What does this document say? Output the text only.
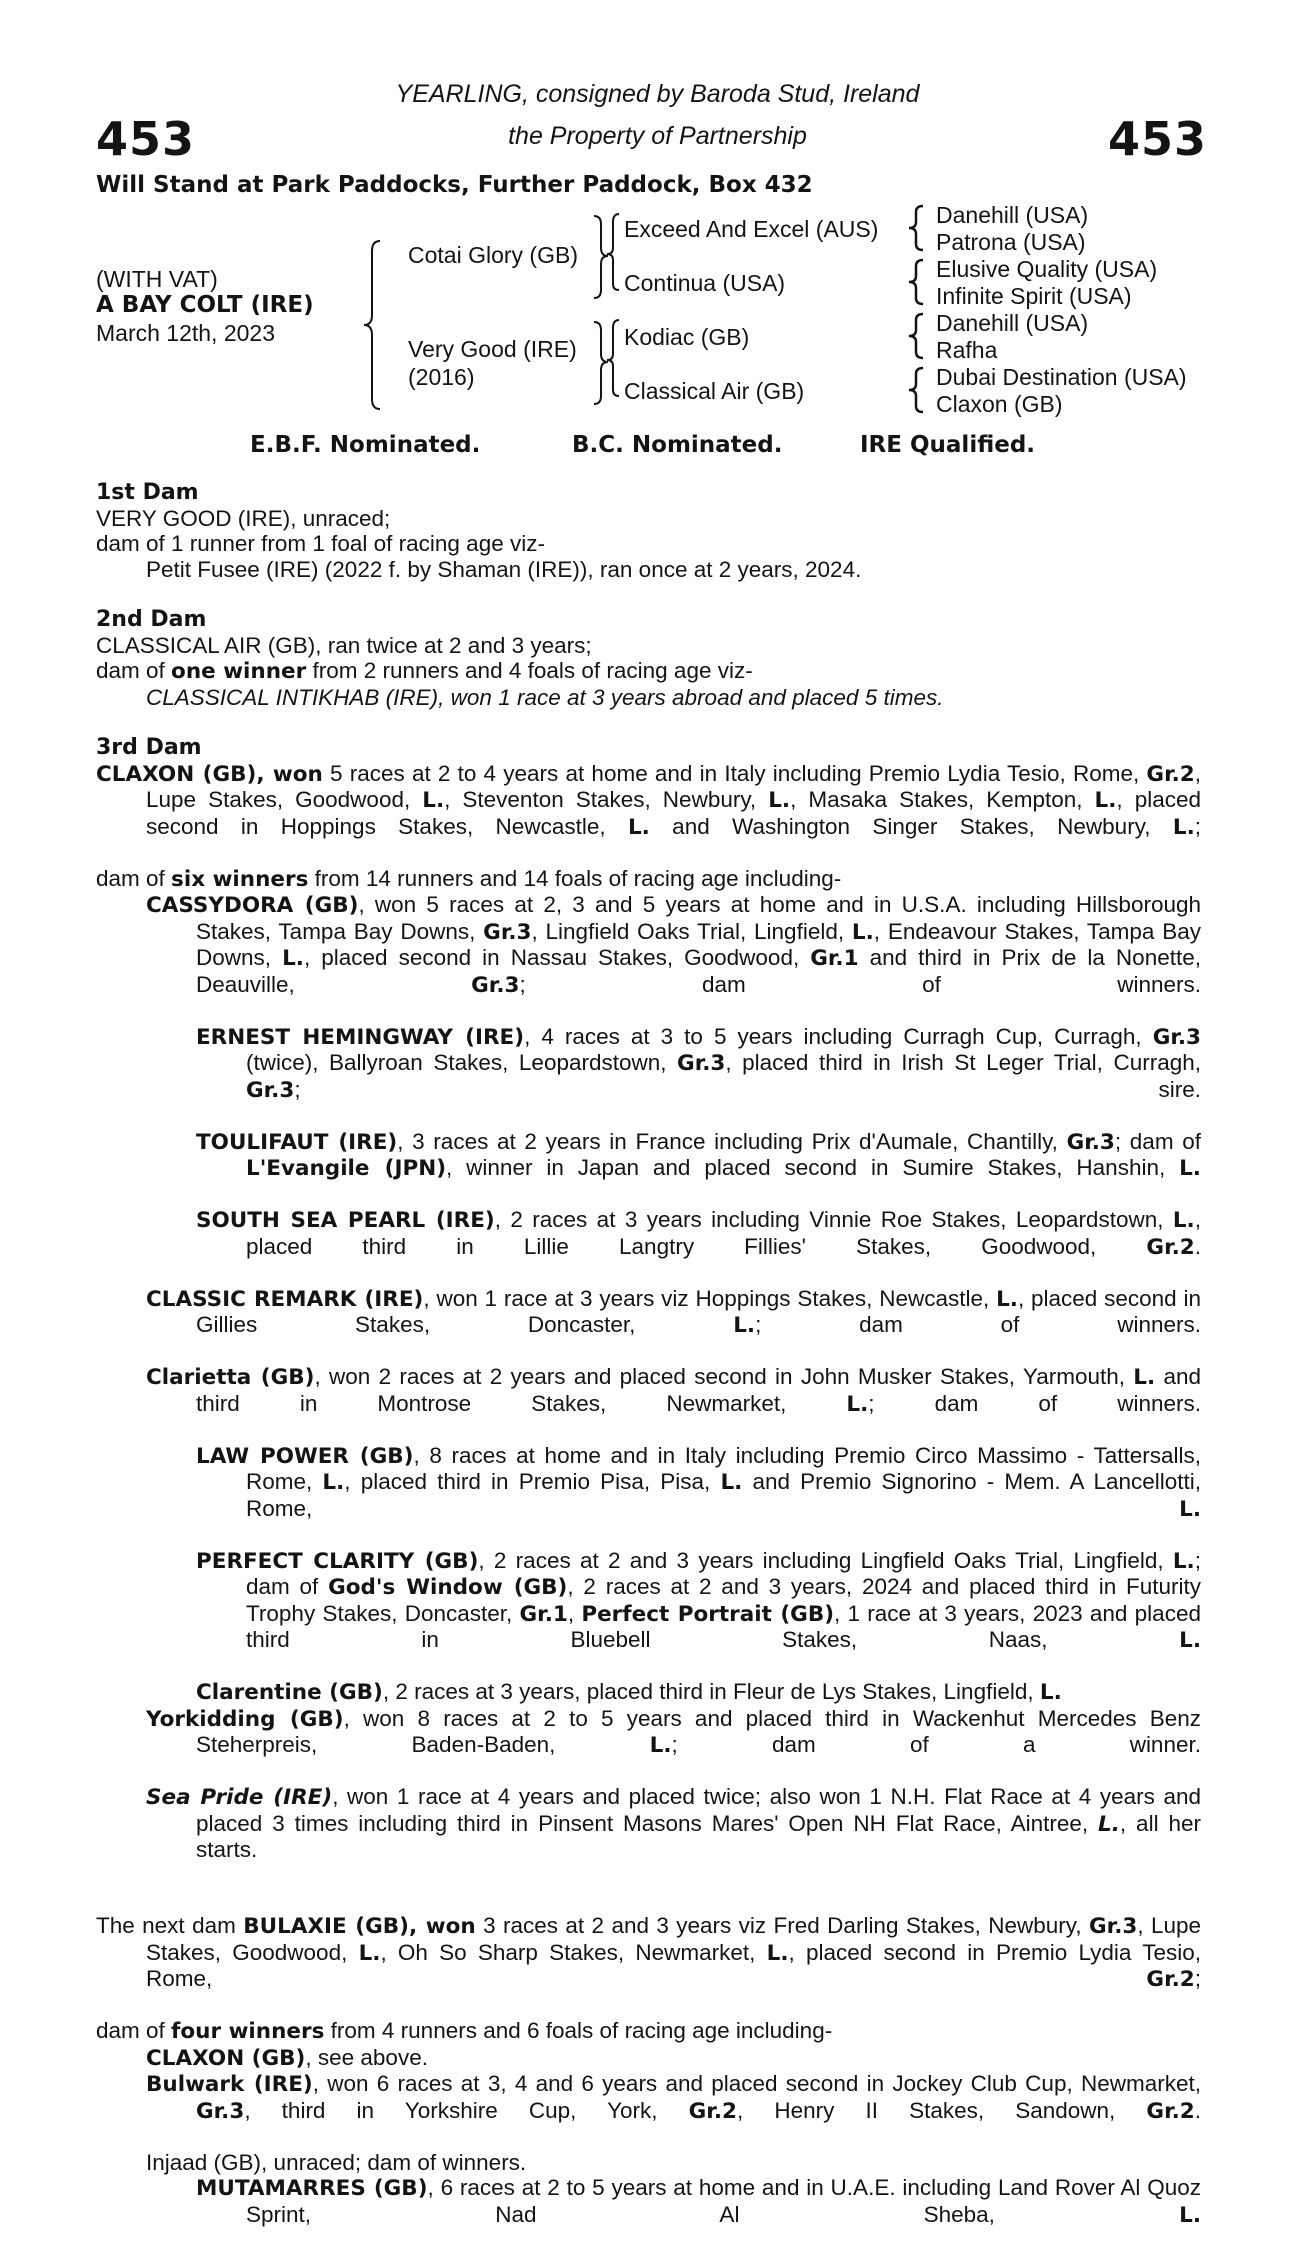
453	453
YEARLING, consigned by Baroda Stud, Ireland
the Property of Partnership
Will Stand at Park Paddocks, Further Paddock, Box 432
(WITH VAT)
A BAY COLT (IRE)
March 12th, 2023
Cotai Glory (GB)
Very Good (IRE)
(2016)
Exceed And Excel (AUS)
Continua (USA)
Kodiac (GB)
Classical Air (GB)
Danehill (USA)
Patrona (USA)
Elusive Quality (USA)
Infinite Spirit (USA)
Danehill (USA)
Rafha
Dubai Destination (USA)
Claxon (GB)
E.B.F. Nominated.	B.C. Nominated.	IRE Qualified.
1st Dam
VERY GOOD (IRE), unraced;
dam of 1 runner from 1 foal of racing age viz-
Petit Fusee (IRE) (2022 f. by Shaman (IRE)), ran once at 2 years, 2024.
2nd Dam
CLASSICAL AIR (GB), ran twice at 2 and 3 years;
dam of one winner from 2 runners and 4 foals of racing age viz-
CLASSICAL INTIKHAB (IRE), won 1 race at 3 years abroad and placed 5 times.
3rd Dam
CLAXON (GB), won 5 races at 2 to 4 years at home and in Italy including Premio Lydia Tesio, Rome, Gr.2, Lupe Stakes, Goodwood, L., Steventon Stakes, Newbury, L., Masaka Stakes, Kempton, L., placed second in Hoppings Stakes, Newcastle, L. and Washington Singer Stakes, Newbury, L.;
dam of six winners from 14 runners and 14 foals of racing age including-
CASSYDORA (GB), won 5 races at 2, 3 and 5 years at home and in U.S.A. including Hillsborough Stakes, Tampa Bay Downs, Gr.3, Lingfield Oaks Trial, Lingfield, L., Endeavour Stakes, Tampa Bay Downs, L., placed second in Nassau Stakes, Goodwood, Gr.1 and third in Prix de la Nonette, Deauville, Gr.3; dam of winners.
ERNEST HEMINGWAY (IRE), 4 races at 3 to 5 years including Curragh Cup, Curragh, Gr.3 (twice), Ballyroan Stakes, Leopardstown, Gr.3, placed third in Irish St Leger Trial, Curragh, Gr.3; sire.
TOULIFAUT (IRE), 3 races at 2 years in France including Prix d'Aumale, Chantilly, Gr.3; dam of L'Evangile (JPN), winner in Japan and placed second in Sumire Stakes, Hanshin, L.
SOUTH SEA PEARL (IRE), 2 races at 3 years including Vinnie Roe Stakes, Leopardstown, L., placed third in Lillie Langtry Fillies' Stakes, Goodwood, Gr.2.
CLASSIC REMARK (IRE), won 1 race at 3 years viz Hoppings Stakes, Newcastle, L., placed second in Gillies Stakes, Doncaster, L.; dam of winners.
Clarietta (GB), won 2 races at 2 years and placed second in John Musker Stakes, Yarmouth, L. and third in Montrose Stakes, Newmarket, L.; dam of winners.
LAW POWER (GB), 8 races at home and in Italy including Premio Circo Massimo - Tattersalls, Rome, L., placed third in Premio Pisa, Pisa, L. and Premio Signorino - Mem. A Lancellotti, Rome, L.
PERFECT CLARITY (GB), 2 races at 2 and 3 years including Lingfield Oaks Trial, Lingfield, L.; dam of God's Window (GB), 2 races at 2 and 3 years, 2024 and placed third in Futurity Trophy Stakes, Doncaster, Gr.1, Perfect Portrait (GB), 1 race at 3 years, 2023 and placed third in Bluebell Stakes, Naas, L.
Clarentine (GB), 2 races at 3 years, placed third in Fleur de Lys Stakes, Lingfield, L.
Yorkidding (GB), won 8 races at 2 to 5 years and placed third in Wackenhut Mercedes Benz Steherpreis, Baden-Baden, L.; dam of a winner.
Sea Pride (IRE), won 1 race at 4 years and placed twice; also won 1 N.H. Flat Race at 4 years and placed 3 times including third in Pinsent Masons Mares' Open NH Flat Race, Aintree, L., all her starts.
The next dam BULAXIE (GB), won 3 races at 2 and 3 years viz Fred Darling Stakes, Newbury, Gr.3, Lupe Stakes, Goodwood, L., Oh So Sharp Stakes, Newmarket, L., placed second in Premio Lydia Tesio, Rome, Gr.2;
dam of four winners from 4 runners and 6 foals of racing age including-
CLAXON (GB), see above.
Bulwark (IRE), won 6 races at 3, 4 and 6 years and placed second in Jockey Club Cup, Newmarket, Gr.3, third in Yorkshire Cup, York, Gr.2, Henry II Stakes, Sandown, Gr.2.
Injaad (GB), unraced; dam of winners.
MUTAMARRES (GB), 6 races at 2 to 5 years at home and in U.A.E. including Land Rover Al Quoz Sprint, Nad Al Sheba, L.
